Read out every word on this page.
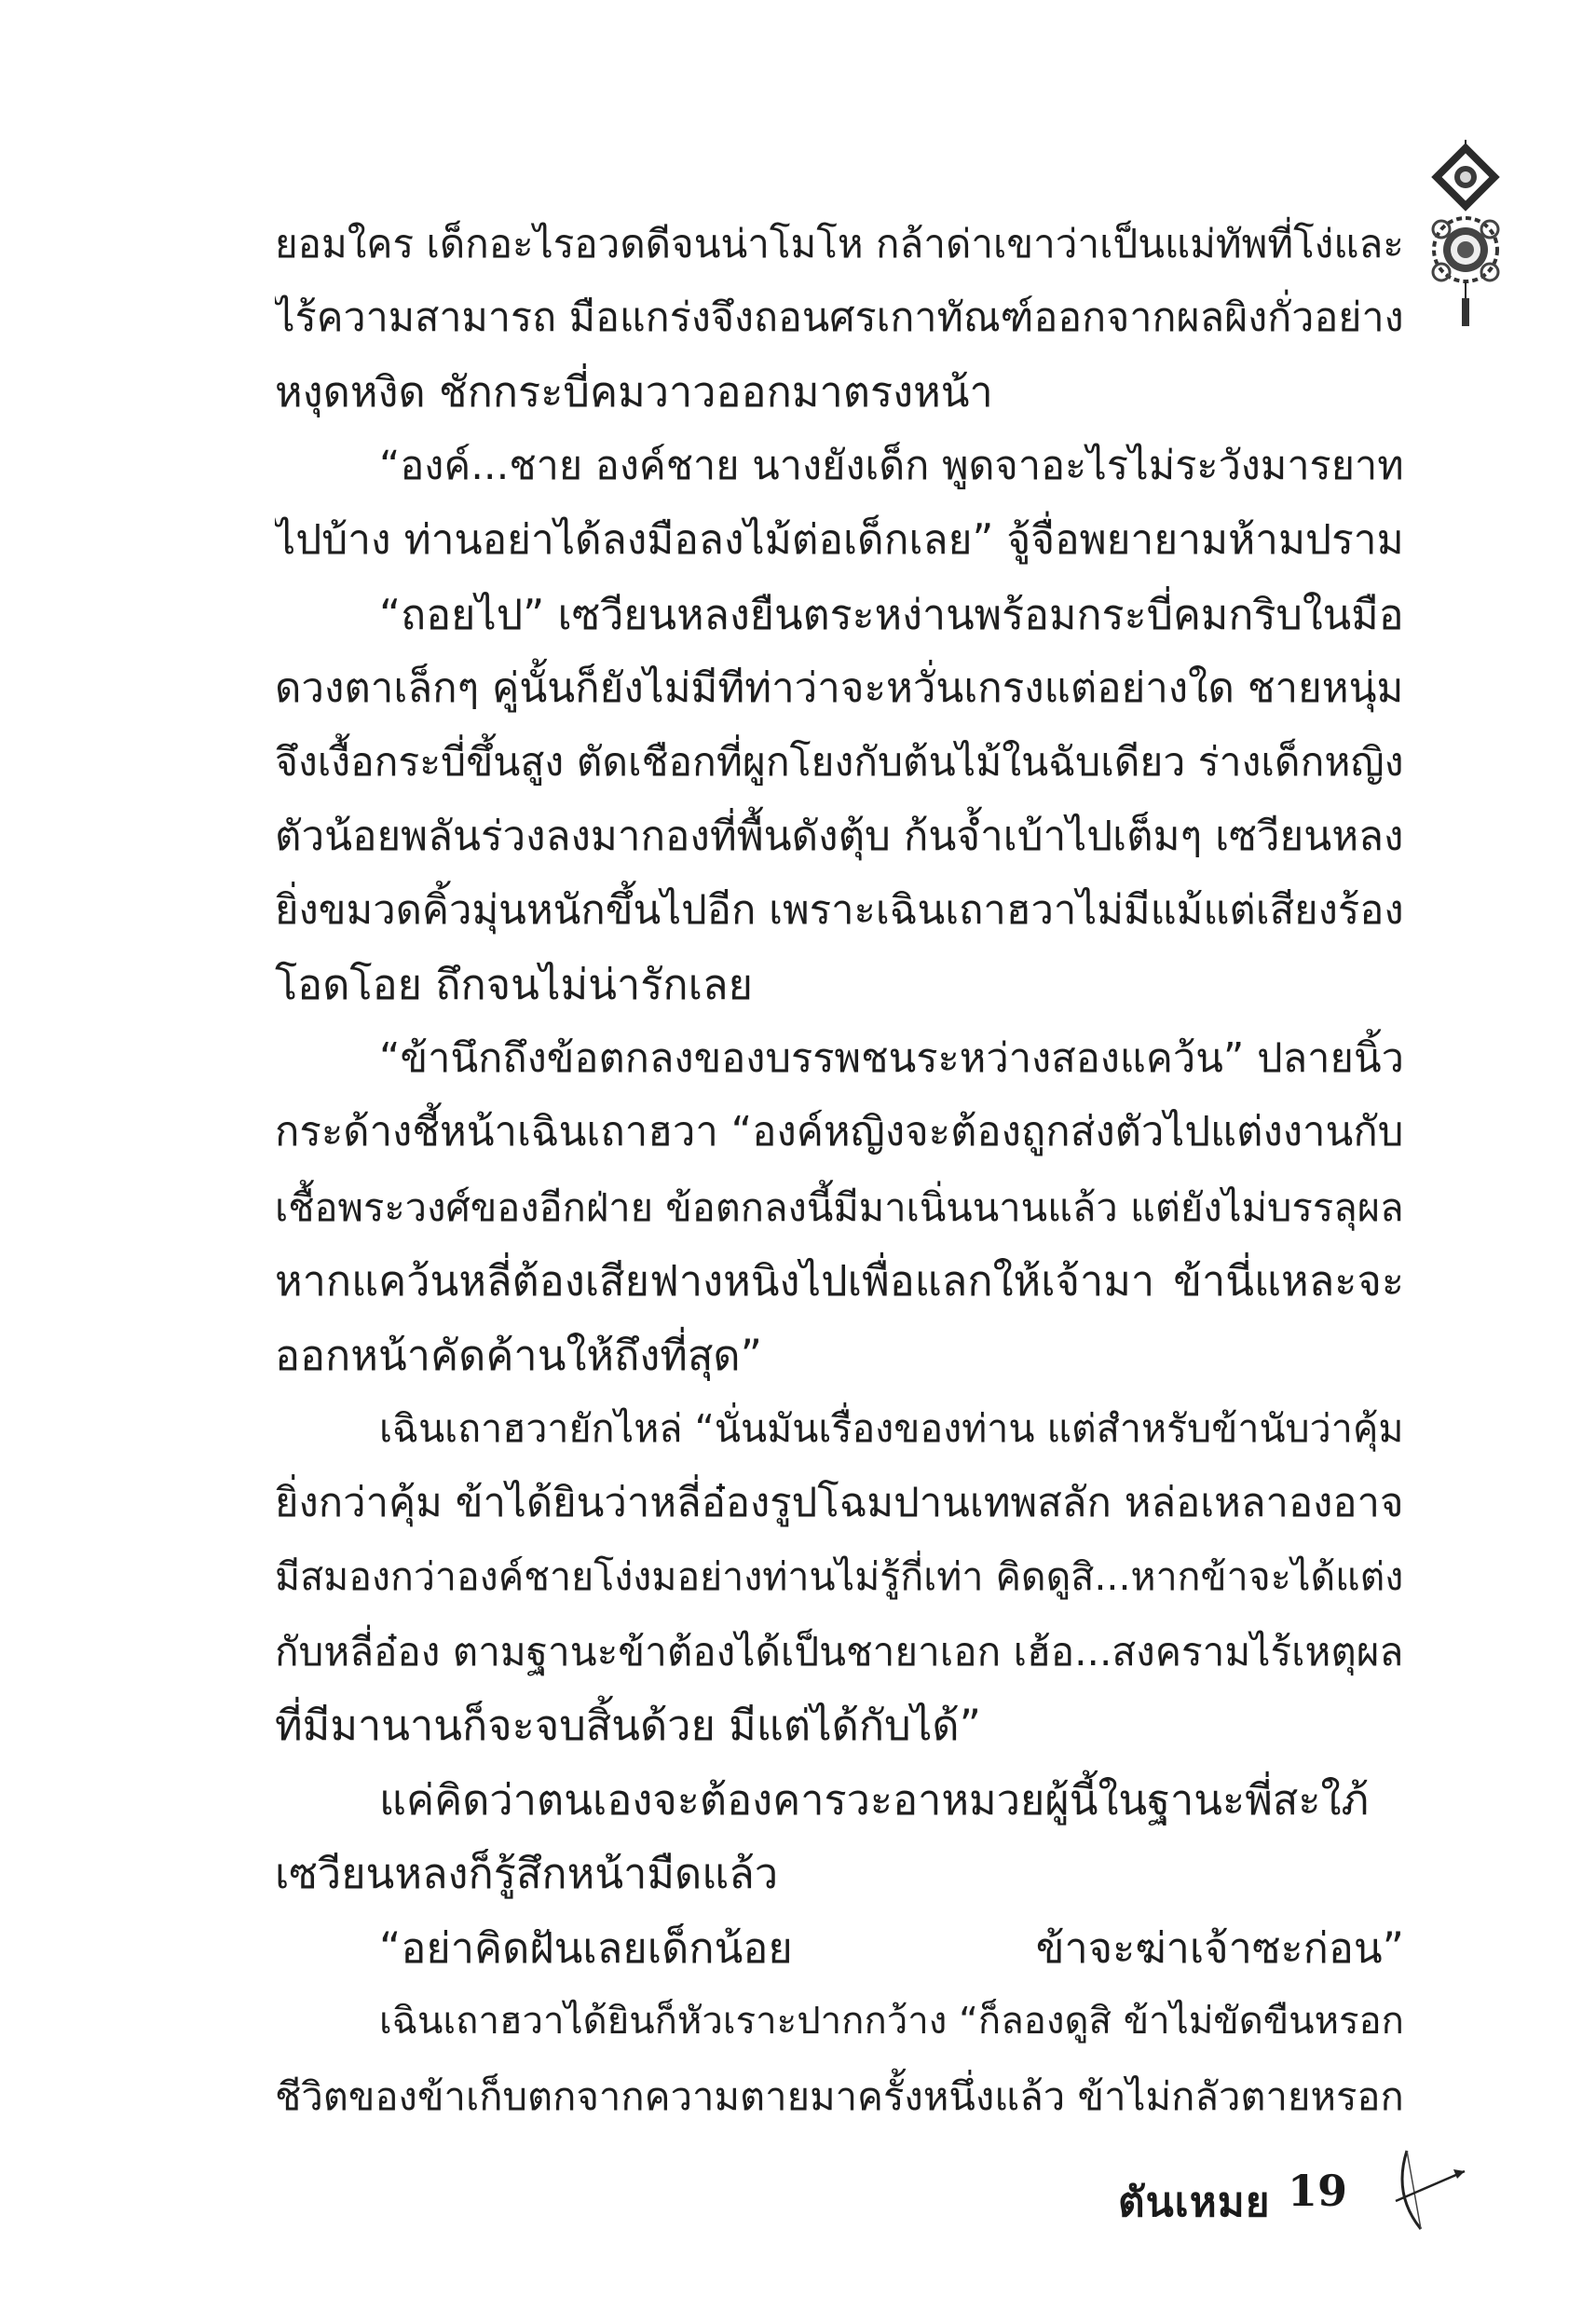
ยอมใคร เด็กอะไรอวดดีจนน่าโมโห กล้าด่าเขาว่าเป็นแม่ทัพที่โง่และ
ไร้ความสามารถ มือแกร่งจึงถอนศรเกาทัณฑ์ออกจากผลผิงกั่วอย่าง
หงุดหงิด ชักกระบี่คมวาวออกมาตรงหน้า
“องค์...ชาย องค์ชาย นางยังเด็ก พูดจาอะไรไม่ระวังมารยาท
ไปบ้าง ท่านอย่าได้ลงมือลงไม้ต่อเด็กเลย” จู้จื่อพยายามห้ามปราม
“ถอยไป” เซวียนหลงยืนตระหง่านพร้อมกระบี่คมกริบในมือ
ดวงตาเล็กๆ คู่นั้นก็ยังไม่มีทีท่าว่าจะหวั่นเกรงแต่อย่างใด ชายหนุ่ม
จึงเงื้อกระบี่ขึ้นสูง ตัดเชือกที่ผูกโยงกับต้นไม้ในฉับเดียว ร่างเด็กหญิง
ตัวน้อยพลันร่วงลงมากองที่พื้นดังตุ้บ ก้นจ้ำเบ้าไปเต็มๆ เซวียนหลง
ยิ่งขมวดคิ้วมุ่นหนักขึ้นไปอีก เพราะเฉินเถาฮวาไม่มีแม้แต่เสียงร้อง
โอดโอย ถึกจนไม่น่ารักเลย
“ข้านึกถึงข้อตกลงของบรรพชนระหว่างสองแคว้น” ปลายนิ้ว
กระด้างชี้หน้าเฉินเถาฮวา “องค์หญิงจะต้องถูกส่งตัวไปแต่งงานกับ
เชื้อพระวงศ์ของอีกฝ่าย ข้อตกลงนี้มีมาเนิ่นนานแล้ว แต่ยังไม่บรรลุผล
หากแคว้นหลี่ต้องเสียฟางหนิงไปเพื่อแลกให้เจ้ามา ข้านี่แหละจะ
ออกหน้าคัดค้านให้ถึงที่สุด”
เฉินเถาฮวายักไหล่ “นั่นมันเรื่องของท่าน แต่สำหรับข้านับว่าคุ้ม
ยิ่งกว่าคุ้ม ข้าได้ยินว่าหลี่อ๋องรูปโฉมปานเทพสลัก หล่อเหลาองอาจ
มีสมองกว่าองค์ชายโง่งมอย่างท่านไม่รู้กี่เท่า คิดดูสิ...หากข้าจะได้แต่ง
กับหลี่อ๋อง ตามฐานะข้าต้องได้เป็นชายาเอก เฮ้อ...สงครามไร้เหตุผล
ที่มีมานานก็จะจบสิ้นด้วย มีแต่ได้กับได้”
แค่คิดว่าตนเองจะต้องคารวะอาหมวยผู้นี้ในฐานะพี่สะใภ้
เซวียนหลงก็รู้สึกหน้ามืดแล้ว
“อย่าคิดฝันเลยเด็กน้อย ข้าจะฆ่าเจ้าซะก่อน”
เฉินเถาฮวาได้ยินก็หัวเราะปากกว้าง “ก็ลองดูสิ ข้าไม่ขัดขืนหรอก
ชีวิตของข้าเก็บตกจากความตายมาครั้งหนึ่งแล้ว ข้าไม่กลัวตายหรอก
ตันเหมย 19
